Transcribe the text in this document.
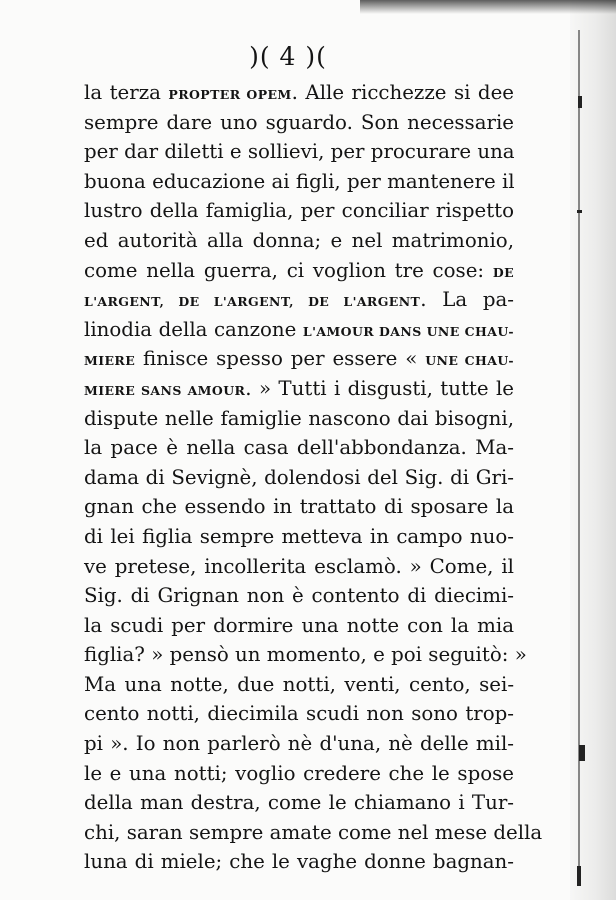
)( 4 )(
la terza PROPTER OPEM. Alle ricchezze si dee
sempre dare uno sguardo. Son necessarie
per dar diletti e sollievi, per procurare una
buona educazione ai figli, per mantenere il
lustro della famiglia, per conciliar rispetto
ed autorità alla donna; e nel matrimonio,
come nella guerra, ci voglion tre cose: DE
L'ARGENT, DE L'ARGENT, DE L'ARGENT. La pa-
linodia della canzone L'AMOUR DANS UNE CHAU-
MIERE finisce spesso per essere « UNE CHAU-
MIERE SANS AMOUR. » Tutti i disgusti, tutte le
dispute nelle famiglie nascono dai bisogni,
la pace è nella casa dell'abbondanza. Ma-
dama di Sevignè, dolendosi del Sig. di Gri-
gnan che essendo in trattato di sposare la
di lei figlia sempre metteva in campo nuo-
ve pretese, incollerita esclamò. » Come, il
Sig. di Grignan non è contento di diecimi-
la scudi per dormire una notte con la mia
figlia? » pensò un momento, e poi seguitò: »
Ma una notte, due notti, venti, cento, sei-
cento notti, diecimila scudi non sono trop-
pi ». Io non parlerò nè d'una, nè delle mil-
le e una notti; voglio credere che le spose
della man destra, come le chiamano i Tur-
chi, saran sempre amate come nel mese della
luna di miele; che le vaghe donne bagnan-
